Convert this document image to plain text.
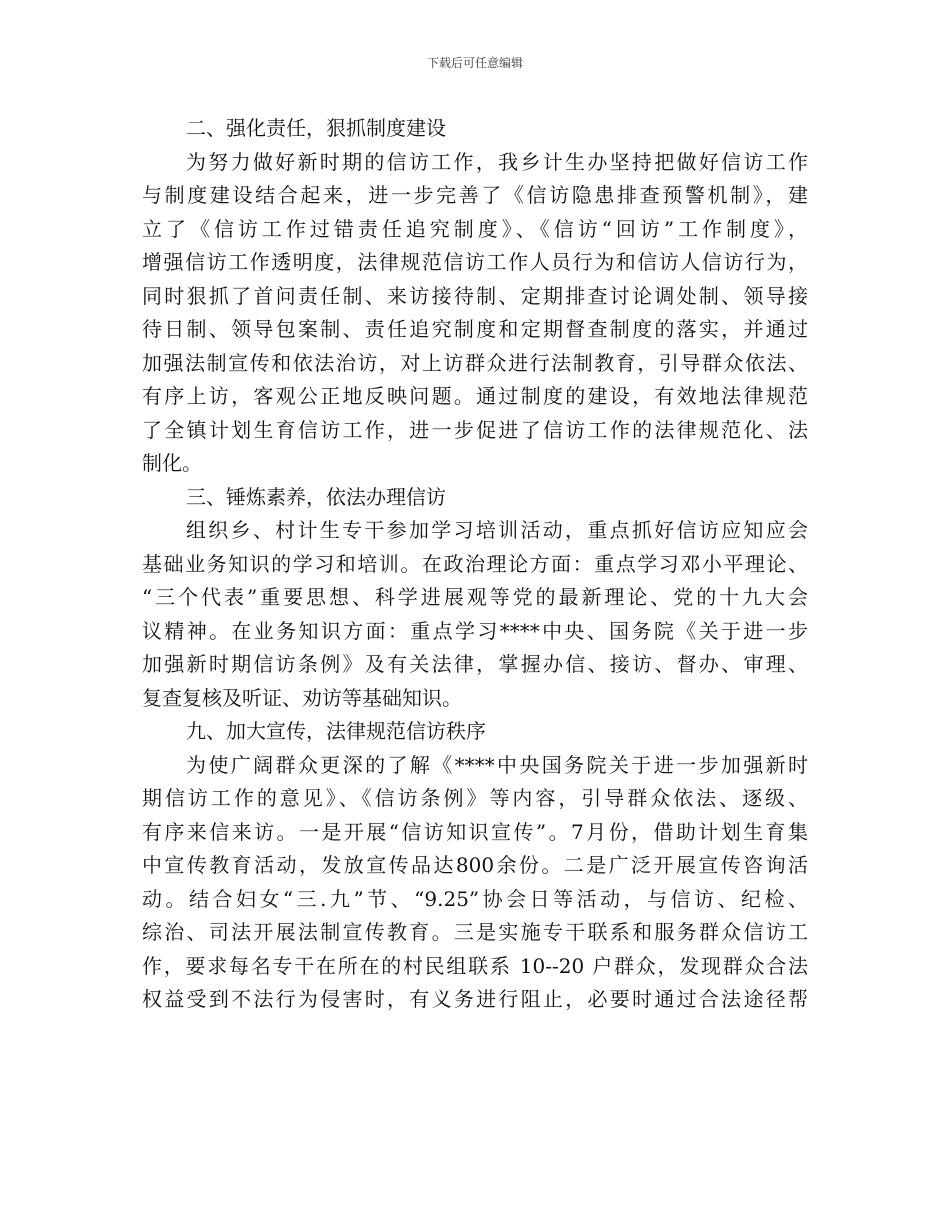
下载后可任意编辑
二、强化责任，狠抓制度建设
为努力做好新时期的信访工作，我乡计生办坚持把做好信访工作
与制度建设结合起来，进一步完善了《信访隐患排查预警机制》，建
立了《信访工作过错责任追究制度》、《信访“回访”工作制度》，
增强信访工作透明度，法律规范信访工作人员行为和信访人信访行为，
同时狠抓了首问责任制、来访接待制、定期排查讨论调处制、领导接
待日制、领导包案制、责任追究制度和定期督查制度的落实，并通过
加强法制宣传和依法治访，对上访群众进行法制教育，引导群众依法、
有序上访，客观公正地反映问题。通过制度的建设，有效地法律规范
了全镇计划生育信访工作，进一步促进了信访工作的法律规范化、法
制化。
三、锤炼素养，依法办理信访
组织乡、村计生专干参加学习培训活动，重点抓好信访应知应会
基础业务知识的学习和培训。在政治理论方面：重点学习邓小平理论、
“三个代表”重要思想、科学进展观等党的最新理论、党的十九大会
议精神。在业务知识方面：重点学习****中央、国务院《关于进一步
加强新时期信访条例》及有关法律，掌握办信、接访、督办、审理、
复查复核及听证、劝访等基础知识。
九、加大宣传，法律规范信访秩序
为使广阔群众更深的了解《****中央国务院关于进一步加强新时
期信访工作的意见》、《信访条例》等内容，引导群众依法、逐级、
有序来信来访。一是开展“信访知识宣传”。7月份，借助计划生育集
中宣传教育活动，发放宣传品达800余份。二是广泛开展宣传咨询活
动。结合妇女“三.九”节、“9.25”协会日等活动，与信访、纪检、
综治、司法开展法制宣传教育。三是实施专干联系和服务群众信访工
作，要求每名专干在所在的村民组联系 10--20 户群众，发现群众合法
权益受到不法行为侵害时，有义务进行阻止，必要时通过合法途径帮
